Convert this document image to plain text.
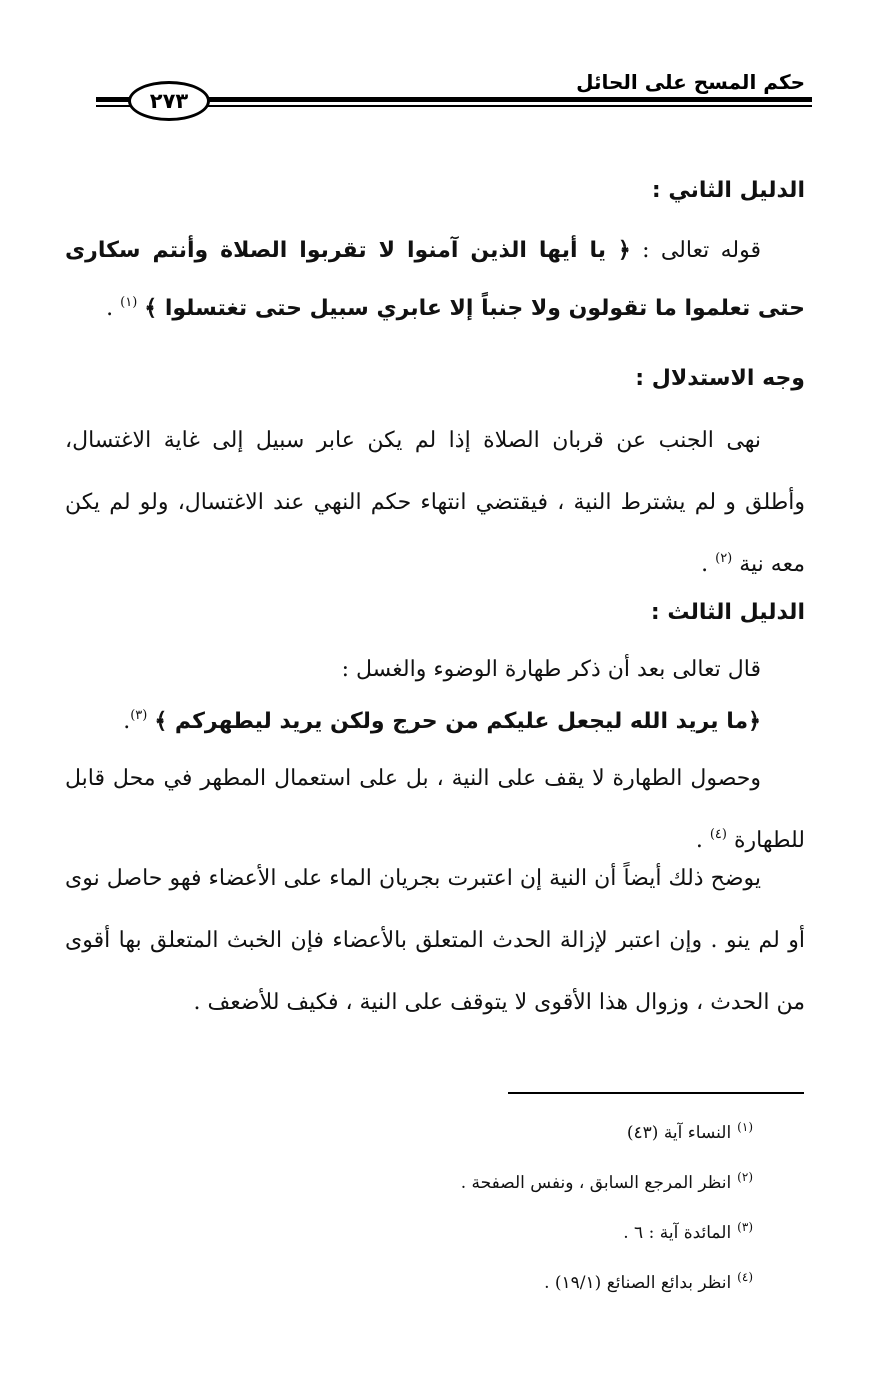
حكم المسح على الحائل
٢٧٣
الدليل الثاني :
قوله تعالى : ﴿ يا أيها الذين آمنوا لا تقربوا الصلاة وأنتم سكارى حتى تعلموا ما تقولون ولا جنباً إلا عابري سبيل حتى تغتسلوا ﴾ $^{(١)}$ .
وجه الاستدلال :
نهى الجنب عن قربان الصلاة إذا لم يكن عابر سبيل إلى غاية الاغتسال، وأطلق و لم يشترط النية ، فيقتضي انتهاء حكم النهي عند الاغتسال، ولو لم يكن معه نية $^{(٢)}$ .
الدليل الثالث :
قال تعالى بعد أن ذكر طهارة الوضوء والغسل :
﴿ما يريد الله ليجعل عليكم من حرج ولكن يريد ليطهركم ﴾ $^{(٣)}$.
وحصول الطهارة لا يقف على النية ، بل على استعمال المطهر في محل قابل للطهارة $^{(٤)}$ .
يوضح ذلك أيضاً أن النية إن اعتبرت بجريان الماء على الأعضاء فهو حاصل نوى أو لم ينو . وإن اعتبر لإزالة الحدث المتعلق بالأعضاء فإن الخبث المتعلق بها أقوى من الحدث ، وزوال هذا الأقوى لا يتوقف على النية ، فكيف للأضعف .
$^{(١)}$النساء آية (٤٣)
$^{(٢)}$انظر المرجع السابق ، ونفس الصفحة .
$^{(٣)}$المائدة آية : ٦ .
$^{(٤)}$انظر بدائع الصنائع (١٩/١) .
